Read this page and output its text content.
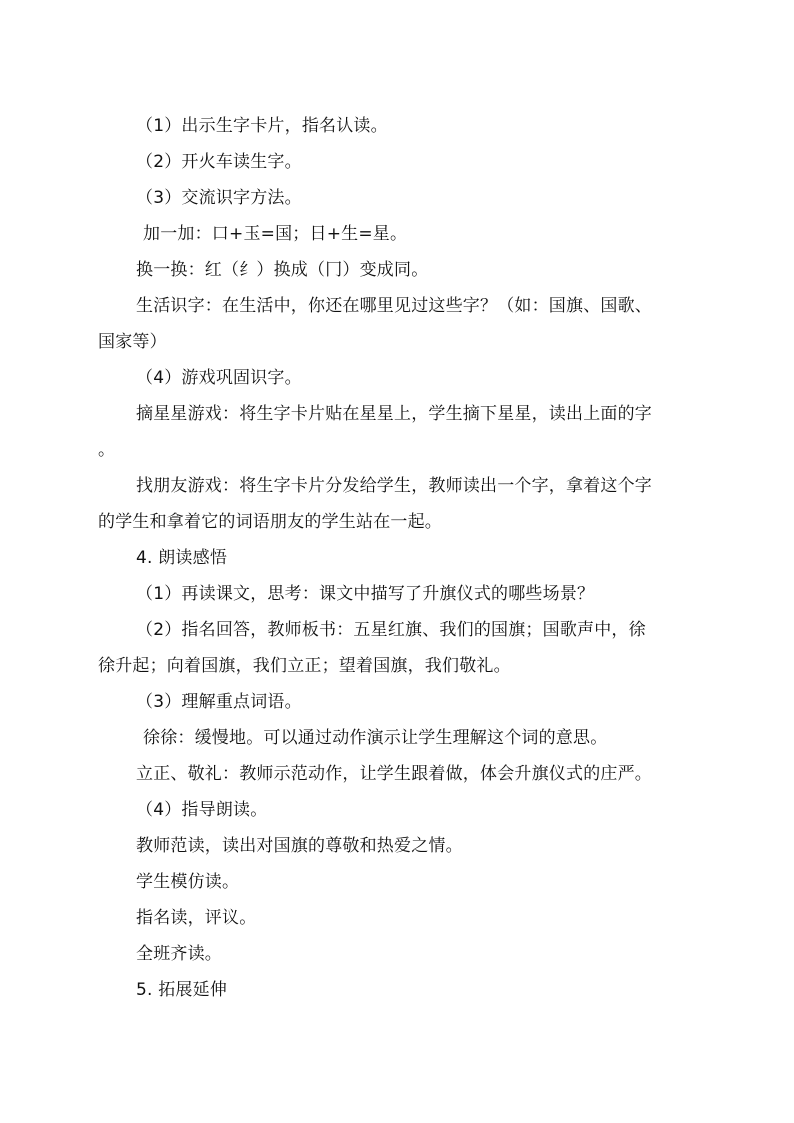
（1）出示生字卡片，指名认读。
（2）开火车读生字。
（3）交流识字方法。
加一加：口+玉=国；日+生=星。
换一换：红（纟）换成（冂）变成同。
生活识字：在生活中，你还在哪里见过这些字？（如：国旗、国歌、
国家等）
（4）游戏巩固识字。
摘星星游戏：将生字卡片贴在星星上，学生摘下星星，读出上面的字
。
找朋友游戏：将生字卡片分发给学生，教师读出一个字，拿着这个字
的学生和拿着它的词语朋友的学生站在一起。
4. 朗读感悟
（1）再读课文，思考：课文中描写了升旗仪式的哪些场景？
（2）指名回答，教师板书：五星红旗、我们的国旗；国歌声中，徐
徐升起；向着国旗，我们立正；望着国旗，我们敬礼。
（3）理解重点词语。
徐徐：缓慢地。可以通过动作演示让学生理解这个词的意思。
立正、敬礼：教师示范动作，让学生跟着做，体会升旗仪式的庄严。
（4）指导朗读。
教师范读，读出对国旗的尊敬和热爱之情。
学生模仿读。
指名读，评议。
全班齐读。
5. 拓展延伸
